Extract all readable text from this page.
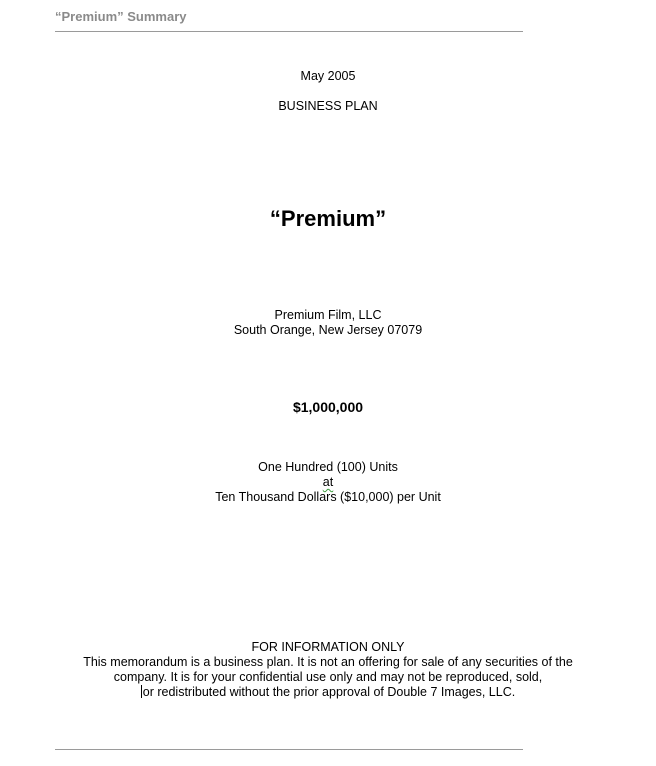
“Premium” Summary
May 2005
BUSINESS PLAN
“Premium”
Premium Film, LLC
South Orange, New Jersey 07079
$1,000,000
One Hundred (100) Units
at
Ten Thousand Dollars ($10,000) per Unit
FOR INFORMATION ONLY
This memorandum is a business plan. It is not an offering for sale of any securities of the
company. It is for your confidential use only and may not be reproduced, sold,
or redistributed without the prior approval of Double 7 Images, LLC.
